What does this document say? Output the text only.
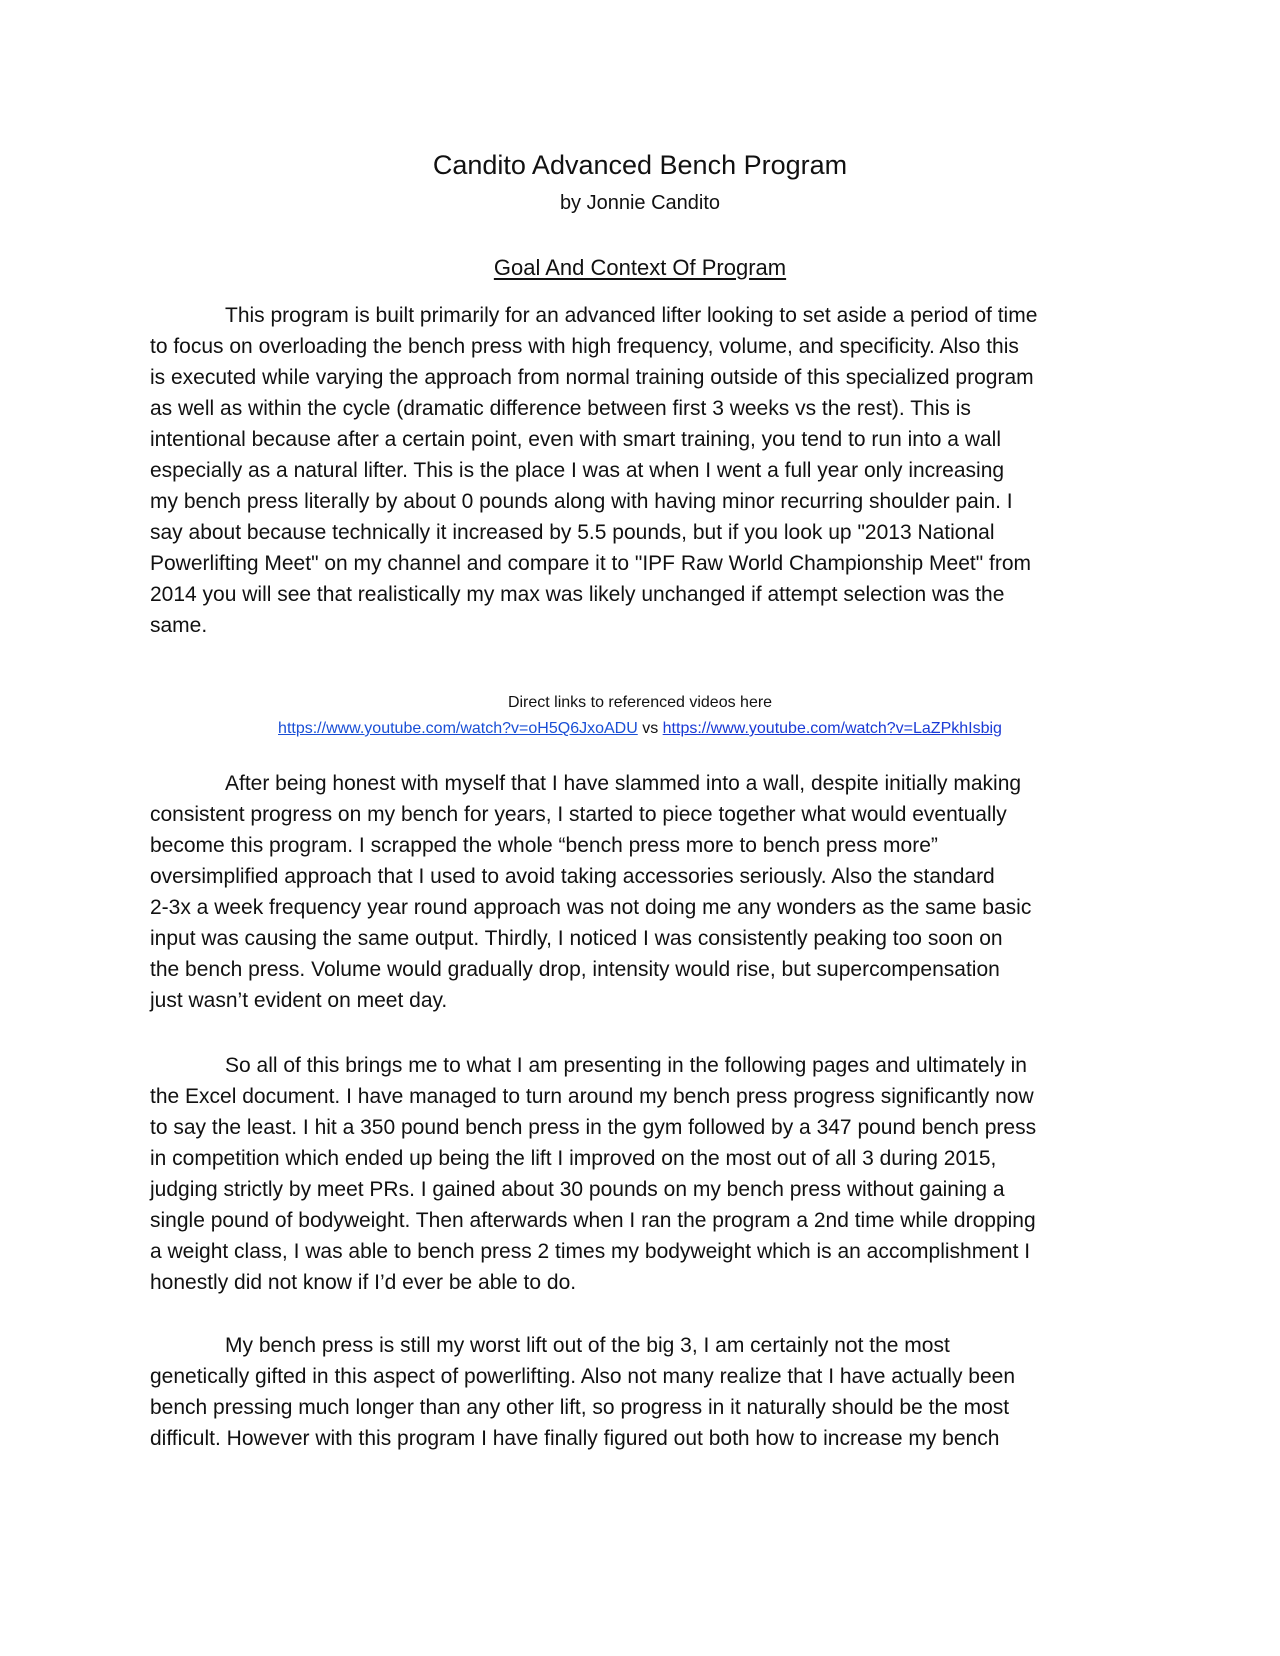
Candito Advanced Bench Program
by Jonnie Candito
Goal And Context Of Program
This program is built primarily for an advanced lifter looking to set aside a period of time
to focus on overloading the bench press with high frequency, volume, and specificity. Also this
is executed while varying the approach from normal training outside of this specialized program
as well as within the cycle (dramatic difference between first 3 weeks vs the rest). This is
intentional because after a certain point, even with smart training, you tend to run into a wall
especially as a natural lifter. This is the place I was at when I went a full year only increasing
my bench press literally by about 0 pounds along with having minor recurring shoulder pain. I
say about because technically it increased by 5.5 pounds, but if you look up "2013 National
Powerlifting Meet" on my channel and compare it to "IPF Raw World Championship Meet" from
2014 you will see that realistically my max was likely unchanged if attempt selection was the
same.
Direct links to referenced videos here
https://www.youtube.com/watch?v=oH5Q6JxoADU vs https://www.youtube.com/watch?v=LaZPkhIsbig
After being honest with myself that I have slammed into a wall, despite initially making
consistent progress on my bench for years, I started to piece together what would eventually
become this program. I scrapped the whole “bench press more to bench press more”
oversimplified approach that I used to avoid taking accessories seriously. Also the standard
2-3x a week frequency year round approach was not doing me any wonders as the same basic
input was causing the same output. Thirdly, I noticed I was consistently peaking too soon on
the bench press. Volume would gradually drop, intensity would rise, but supercompensation
just wasn’t evident on meet day.
So all of this brings me to what I am presenting in the following pages and ultimately in
the Excel document. I have managed to turn around my bench press progress significantly now
to say the least. I hit a 350 pound bench press in the gym followed by a 347 pound bench press
in competition which ended up being the lift I improved on the most out of all 3 during 2015,
judging strictly by meet PRs. I gained about 30 pounds on my bench press without gaining a
single pound of bodyweight. Then afterwards when I ran the program a 2nd time while dropping
a weight class, I was able to bench press 2 times my bodyweight which is an accomplishment I
honestly did not know if I’d ever be able to do.
My bench press is still my worst lift out of the big 3, I am certainly not the most
genetically gifted in this aspect of powerlifting. Also not many realize that I have actually been
bench pressing much longer than any other lift, so progress in it naturally should be the most
difficult. However with this program I have finally figured out both how to increase my bench
